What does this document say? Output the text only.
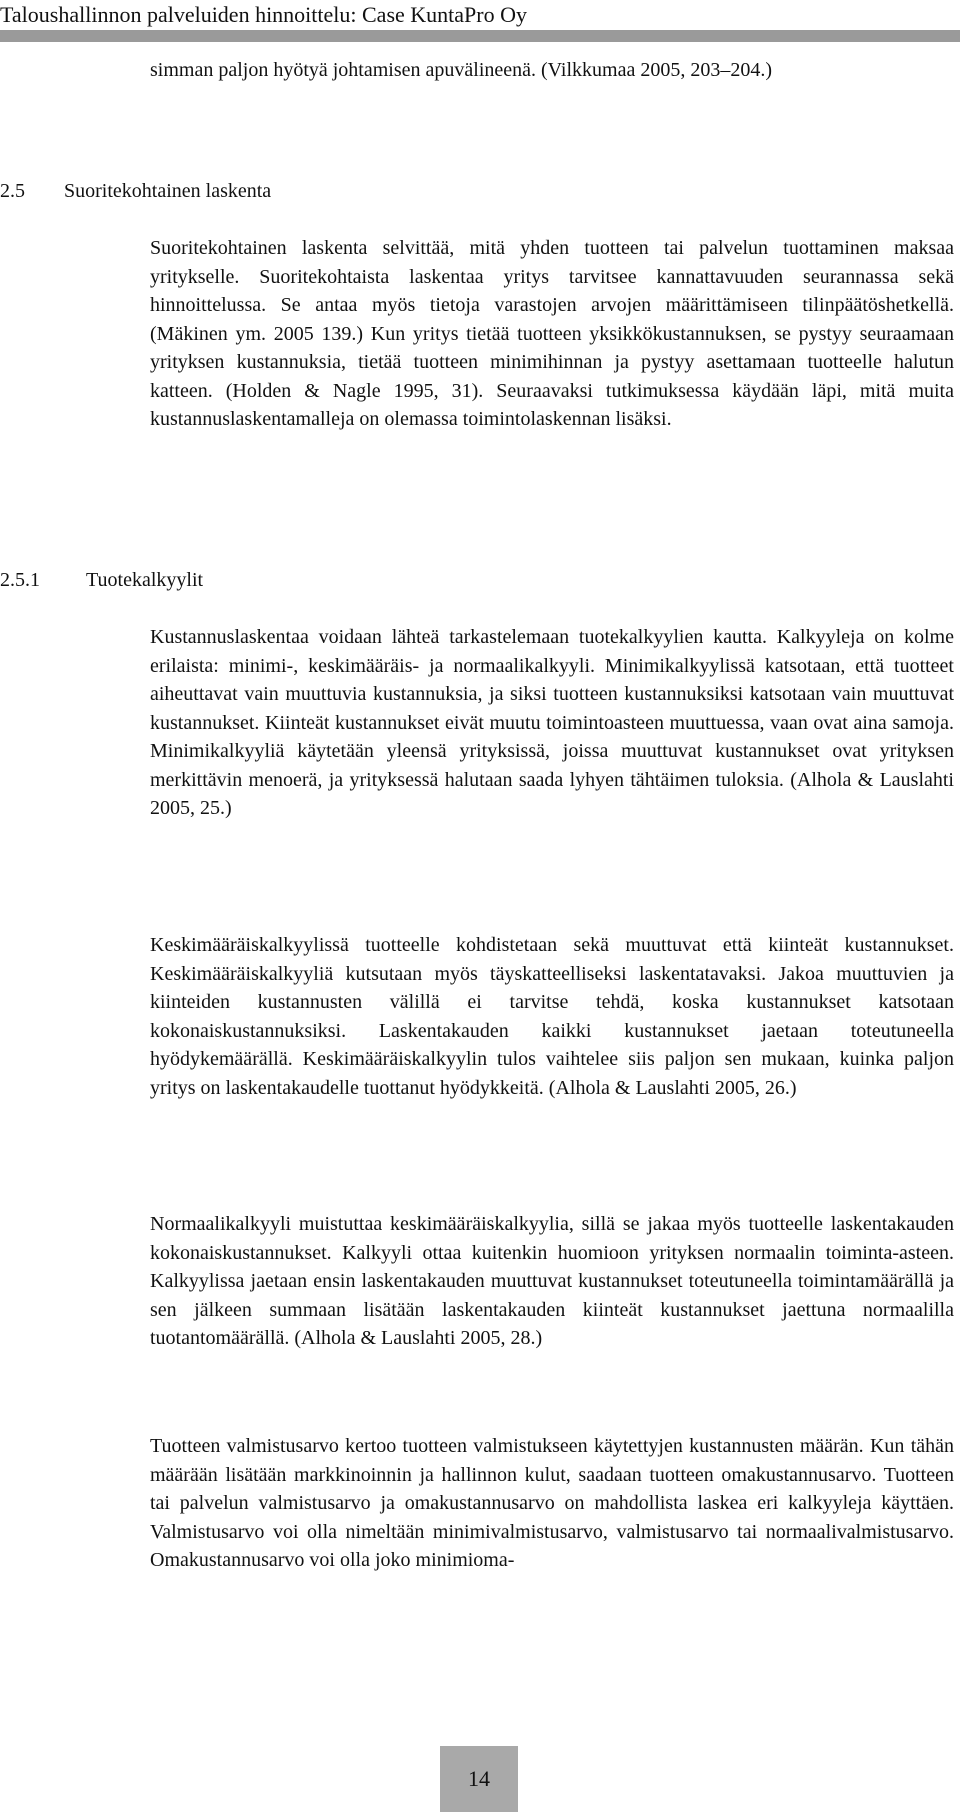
Taloushallinnon palveluiden hinnoittelu: Case KuntaPro Oy

simman paljon hyötyä johtamisen apuvälineenä. (Vilkkumaa 2005, 203–204.)

2.5 Suoritekohtainen laskenta

Suoritekohtainen laskenta selvittää, mitä yhden tuotteen tai palvelun tuottaminen maksaa yritykselle. Suoritekohtaista laskentaa yritys tarvitsee kannattavuuden seurannassa sekä hinnoittelussa. Se antaa myös tietoja varastojen arvojen määrittämiseen tilinpäätöshetkellä. (Mäkinen ym. 2005 139.) Kun yritys tietää tuotteen yksikkökustannuksen, se pystyy seuraamaan yrityksen kustannuksia, tietää tuotteen minimihinnan ja pystyy asettamaan tuotteelle halutun katteen. (Holden & Nagle 1995, 31). Seuraavaksi tutkimuksessa käydään läpi, mitä muita kustannuslaskentamalleja on olemassa toimintolaskennan lisäksi.

2.5.1 Tuotekalkyylit

Kustannuslaskentaa voidaan lähteä tarkastelemaan tuotekalkyylien kautta. Kalkyyleja on kolme erilaista: minimi-, keskimääräis- ja normaalikalkyyli. Minimikalkyylissä katsotaan, että tuotteet aiheuttavat vain muuttuvia kustannuksia, ja siksi tuotteen kustannuksiksi katsotaan vain muuttuvat kustannukset. Kiinteät kustannukset eivät muutu toimintoasteen muuttuessa, vaan ovat aina samoja. Minimikalkyyliä käytetään yleensä yrityksissä, joissa muuttuvat kustannukset ovat yrityksen merkittävin menoerä, ja yrityksessä halutaan saada lyhyen tähtäimen tuloksia. (Alhola & Lauslahti 2005, 25.)

Keskimääräiskalkyylissä tuotteelle kohdistetaan sekä muuttuvat että kiinteät kustannukset. Keskimääräiskalkyyliä kutsutaan myös täyskatteelliseksi laskentatavaksi. Jakoa muuttuvien ja kiinteiden kustannusten välillä ei tarvitse tehdä, koska kustannukset katsotaan kokonaiskustannuksiksi. Laskentakauden kaikki kustannukset jaetaan toteutuneella hyödykemäärällä. Keskimääräiskalkyylin tulos vaihtelee siis paljon sen mukaan, kuinka paljon yritys on laskentakaudelle tuottanut hyödykkeitä. (Alhola & Lauslahti 2005, 26.)

Normaalikalkyyli muistuttaa keskimääräiskalkyylia, sillä se jakaa myös tuotteelle laskentakauden kokonaiskustannukset. Kalkyyli ottaa kuitenkin huomioon yrityksen normaalin toiminta-asteen. Kalkyylissa jaetaan ensin laskentakauden muuttuvat kustannukset toteutuneella toimintamäärällä ja sen jälkeen summaan lisätään laskentakauden kiinteät kustannukset jaettuna normaalilla tuotantomäärällä. (Alhola & Lauslahti 2005, 28.)

Tuotteen valmistusarvo kertoo tuotteen valmistukseen käytettyjen kustannusten määrän. Kun tähän määrään lisätään markkinoinnin ja hallinnon kulut, saadaan tuotteen omakustannusarvo. Tuotteen tai palvelun valmistusarvo ja omakustannusarvo on mahdollista laskea eri kalkyyleja käyttäen. Valmistusarvo voi olla nimeltään minimivalmistusarvo, valmistusarvo tai normaalivalmistusarvo. Omakustannusarvo voi olla joko minimioma-

14
